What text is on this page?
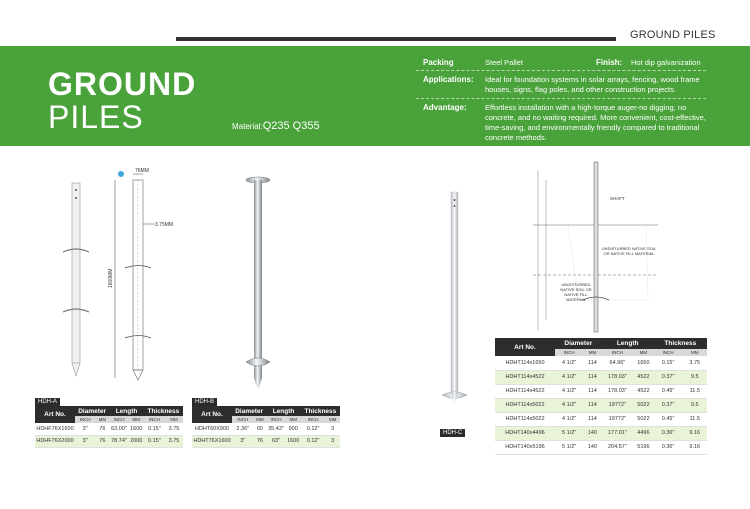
GROUND PILES
GROUND
PILES	Material:Q235 Q355
Packing	Steel Pallet	Finish: Hot dip galvanization
Applications: Ideal for foundation systems in solar arrays, fencing, wood frame houses, signs, flag poles, and other construction projects.
Advantage: Effortless installation with a high-torque auger-no digging, no concrete, and no waiting required. More convenient, cost-effective, time-saving, and environmentally friendly compared to traditional concrete methods.
76MM
3.75MM
1600MM
SHAFT
UNDISTURBED NATIVE SOIL OR NATIVE FILL MATERIAL
UNDISTURBED NATIVE SOIL OR NATIVE FILL MATERIAL
HDH-A	HDH-B
HDH-C
Art No.	Diameter		Length		Thickness	
	INCH	MM	INCH	MM	INCH	MM
HDHF76X1600	3"	76	63.00"	1600	0.15"	3.75
HDHF76X2000	3"	76	78.74"	2000	0.15"	3.75
Art No.	Diameter		Length		Thickness	
	INCH	MM	INCH	MM	INCH	MM
HDHT60X900	2.36"	60	35.43"	900	0.12"	3
HDHT76X1600	3"	76	63"	1600	0.12"	3
Art No.	Diameter		Length		Thickness	
	INCH	MM	INCH	MM	INCH	MM
HDHT114x1650	4 1/2"	114	64.96"	1650	0.15"	3.75
HDHT114x4522	4 1/2"	114	178.03"	4522	0.37"	9.5
HDHT114x4522	4 1/2"	114	178.03"	4522	0.45"	11.5
HDHT114x5022	4 1/2"	114	19772"	5022	0.37"	9.5
HDHT114x5022	4 1/2"	114	19772"	5022	0.45"	11.5
HDHT140x4496	5 1/2"	140	177.01"	4496	0.36"	9.16
HDHT140x5196	5 1/2"	140	204.57"	5196	0.36"	9.16
